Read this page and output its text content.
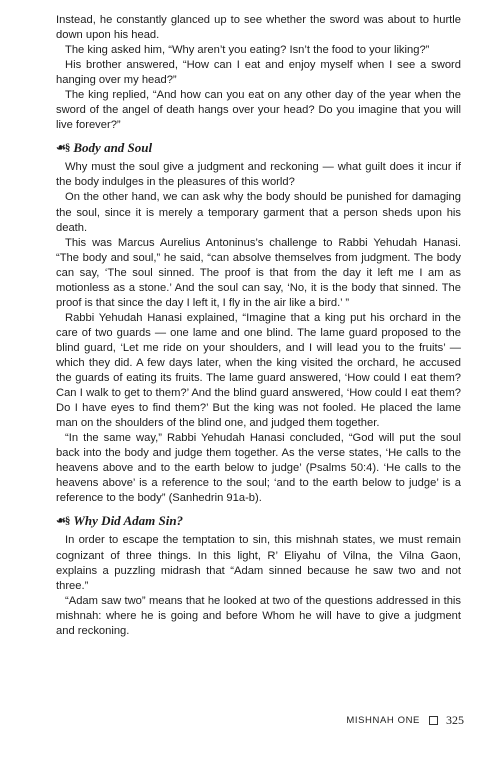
Instead, he constantly glanced up to see whether the sword was about to hurtle down upon his head.

The king asked him, “Why aren’t you eating? Isn’t the food to your liking?”

His brother answered, “How can I eat and enjoy myself when I see a sword hanging over my head?”

The king replied, “And how can you eat on any other day of the year when the sword of the angel of death hangs over your head? Do you imagine that you will live forever?”

☙§ Body and Soul

Why must the soul give a judgment and reckoning — what guilt does it incur if the body indulges in the pleasures of this world?

On the other hand, we can ask why the body should be punished for damaging the soul, since it is merely a temporary garment that a person sheds upon his death.

This was Marcus Aurelius Antoninus’s challenge to Rabbi Yehudah Hanasi. “The body and soul,” he said, “can absolve themselves from judgment. The body can say, ‘The soul sinned. The proof is that from the day it left me I am as motionless as a stone.’ And the soul can say, ‘No, it is the body that sinned. The proof is that since the day I left it, I fly in the air like a bird.’ ”

Rabbi Yehudah Hanasi explained, “Imagine that a king put his orchard in the care of two guards — one lame and one blind. The lame guard proposed to the blind guard, ‘Let me ride on your shoulders, and I will lead you to the fruits’ — which they did. A few days later, when the king visited the orchard, he accused the guards of eating its fruits. The lame guard answered, ‘How could I eat them? Can I walk to get to them?’ And the blind guard answered, ‘How could I eat them? Do I have eyes to find them?’ But the king was not fooled. He placed the lame man on the shoulders of the blind one, and judged them together.

“In the same way,” Rabbi Yehudah Hanasi concluded, “God will put the soul back into the body and judge them together. As the verse states, ‘He calls to the heavens above and to the earth below to judge’ (Psalms 50:4). ‘He calls to the heavens above’ is a reference to the soul; ‘and to the earth below to judge’ is a reference to the body” (Sanhedrin 91a-b).

☙§ Why Did Adam Sin?

In order to escape the temptation to sin, this mishnah states, we must remain cognizant of three things. In this light, R’ Eliyahu of Vilna, the Vilna Gaon, explains a puzzling midrash that “Adam sinned because he saw two and not three.”

“Adam saw two” means that he looked at two of the questions addressed in this mishnah: where he is going and before Whom he will have to give a judgment and reckoning.

MISHNAH ONE 325
